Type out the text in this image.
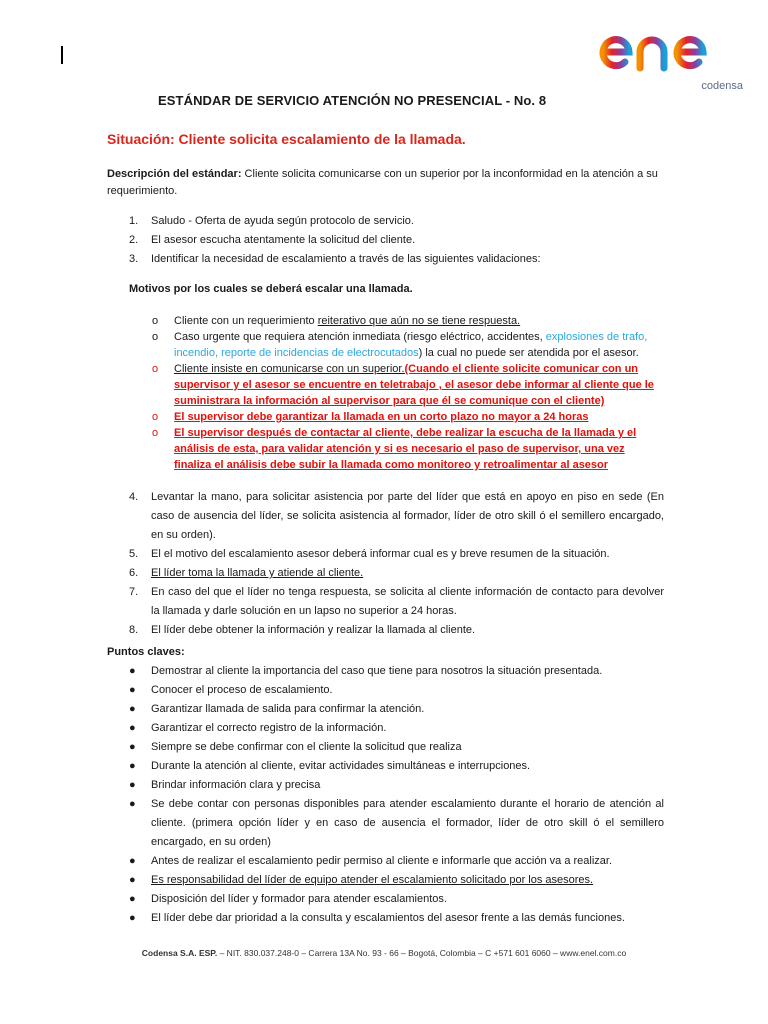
codensa
ESTÁNDAR DE SERVICIO ATENCIÓN NO PRESENCIAL - No. 8
Situación: Cliente solicita escalamiento de la llamada.
Descripción del estándar: Cliente solicita comunicarse con un superior por la inconformidad en la atención a su requerimiento.
1. Saludo - Oferta de ayuda según protocolo de servicio.
2. El asesor escucha atentamente la solicitud del cliente.
3. Identificar la necesidad de escalamiento a través de las siguientes validaciones:
Motivos por los cuales se deberá escalar una llamada.

o	Cliente con un requerimiento reiterativo que aún no se tiene respuesta.

o	Caso urgente que requiera atención inmediata (riesgo eléctrico, accidentes, explosiones de trafo, incendio, reporte de incidencias de electrocutados) la cual no puede ser atendida por el asesor.

o	Cliente insiste en comunicarse con un superior.(Cuando el cliente solicite comunicar con un supervisor y el asesor se encuentre en teletrabajo , el asesor debe informar al cliente que le suministrara la información al supervisor para que él se comunique con el cliente)

o	El supervisor debe garantizar la llamada en un corto plazo no mayor a 24 horas

o	El supervisor después de contactar al cliente, debe realizar la escucha de la llamada y el análisis de esta, para validar atención y si es necesario el paso de supervisor, una vez finaliza el análisis debe subir la llamada como monitoreo y retroalimentar al asesor

4. Levantar la mano, para solicitar asistencia por parte del líder que está en apoyo en piso en sede (En caso de ausencia del líder, se solicita asistencia al formador, líder de otro skill ó el semillero encargado, en su orden).
5. El el motivo del escalamiento asesor deberá informar cual es y breve resumen de la situación.
6. El líder toma la llamada y atiende al cliente.
7. En caso del que el líder no tenga respuesta, se solicita al cliente información de contacto para devolver la llamada y darle solución en un lapso no superior a 24 horas.
8. El líder debe obtener la información y realizar la llamada al cliente.
Puntos claves:
● Demostrar al cliente la importancia del caso que tiene para nosotros la situación presentada.
● Conocer el proceso de escalamiento.
● Garantizar llamada de salida para confirmar la atención.
● Garantizar el correcto registro de la información.
● Siempre se debe confirmar con el cliente la solicitud que realiza
● Durante la atención al cliente, evitar actividades simultáneas e interrupciones.
● Brindar información clara y precisa
● Se debe contar con personas disponibles para atender escalamiento durante el horario de atención al cliente. (primera opción líder y en caso de ausencia el formador, líder de otro skill ó el semillero encargado, en su orden)
● Antes de realizar el escalamiento pedir permiso al cliente e informarle que acción va a realizar.
● Es responsabilidad del líder de equipo atender el escalamiento solicitado por los asesores.
● Disposición del líder y formador para atender escalamientos.
● El líder debe dar prioridad a la consulta y escalamientos del asesor frente a las demás funciones.
Codensa S.A. ESP. – NIT. 830.037.248-0 – Carrera 13A No. 93 - 66 – Bogotá, Colombia – C +571 601 6060 – www.enel.com.co
